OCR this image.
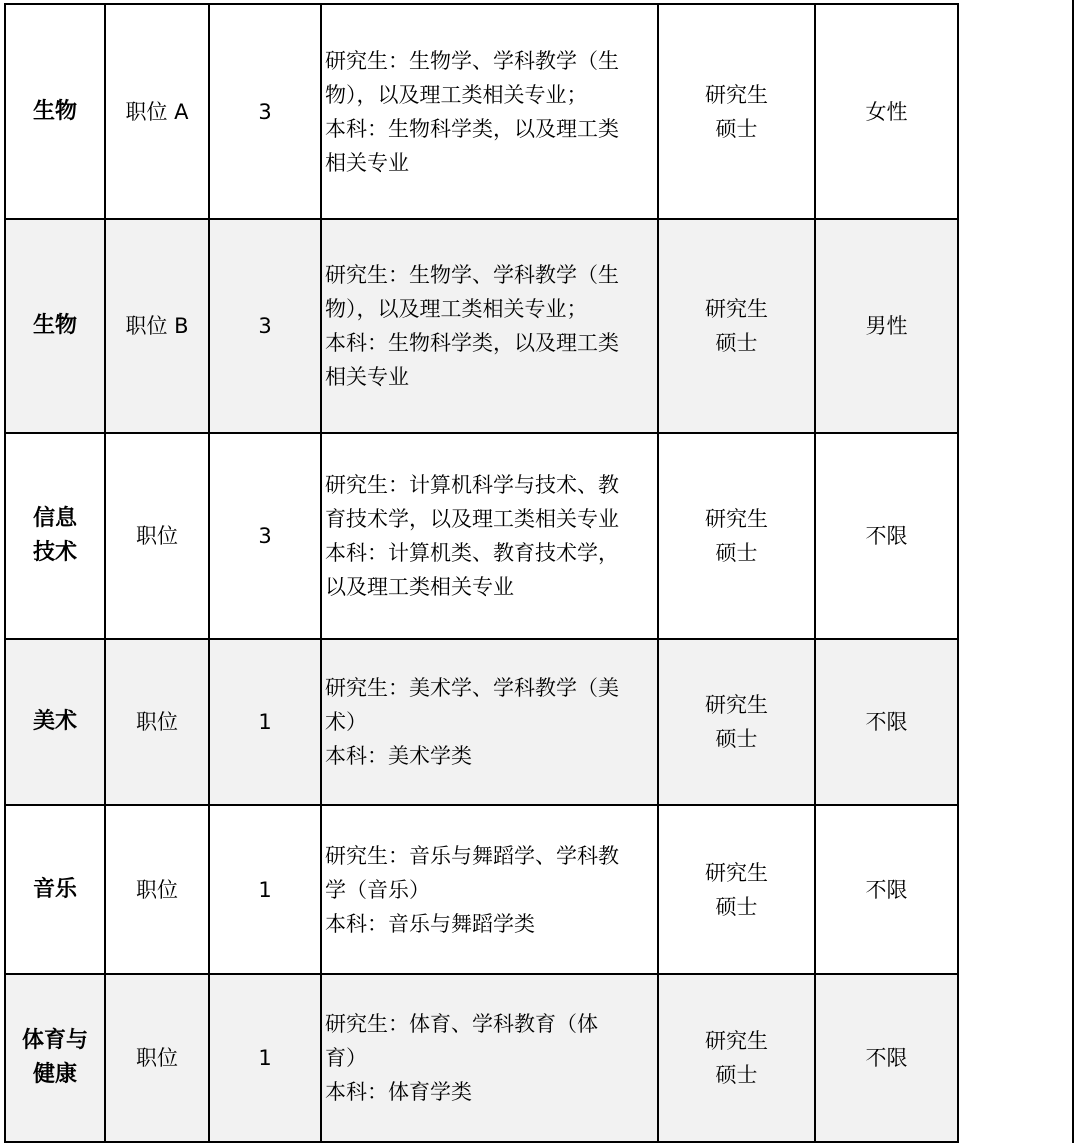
生物	职位 A	3	研究生：生物学、学科教学（生
物），以及理工类相关专业；
本科：生物科学类，以及理工类
相关专业	研究生
硕士	女性

生物	职位 B	3	研究生：生物学、学科教学（生
物），以及理工类相关专业；
本科：生物科学类，以及理工类
相关专业	研究生
硕士	男性

信息
技术	职位	3	研究生：计算机科学与技术、教
育技术学，以及理工类相关专业
本科：计算机类、教育技术学，
以及理工类相关专业	研究生
硕士	不限

美术	职位	1	研究生：美术学、学科教学（美
术）
本科：美术学类	研究生
硕士	不限

音乐	职位	1	研究生：音乐与舞蹈学、学科教
学（音乐）
本科：音乐与舞蹈学类	研究生
硕士	不限

体育与
健康	职位	1	研究生：体育、学科教育（体
育）
本科：体育学类	研究生
硕士	不限
